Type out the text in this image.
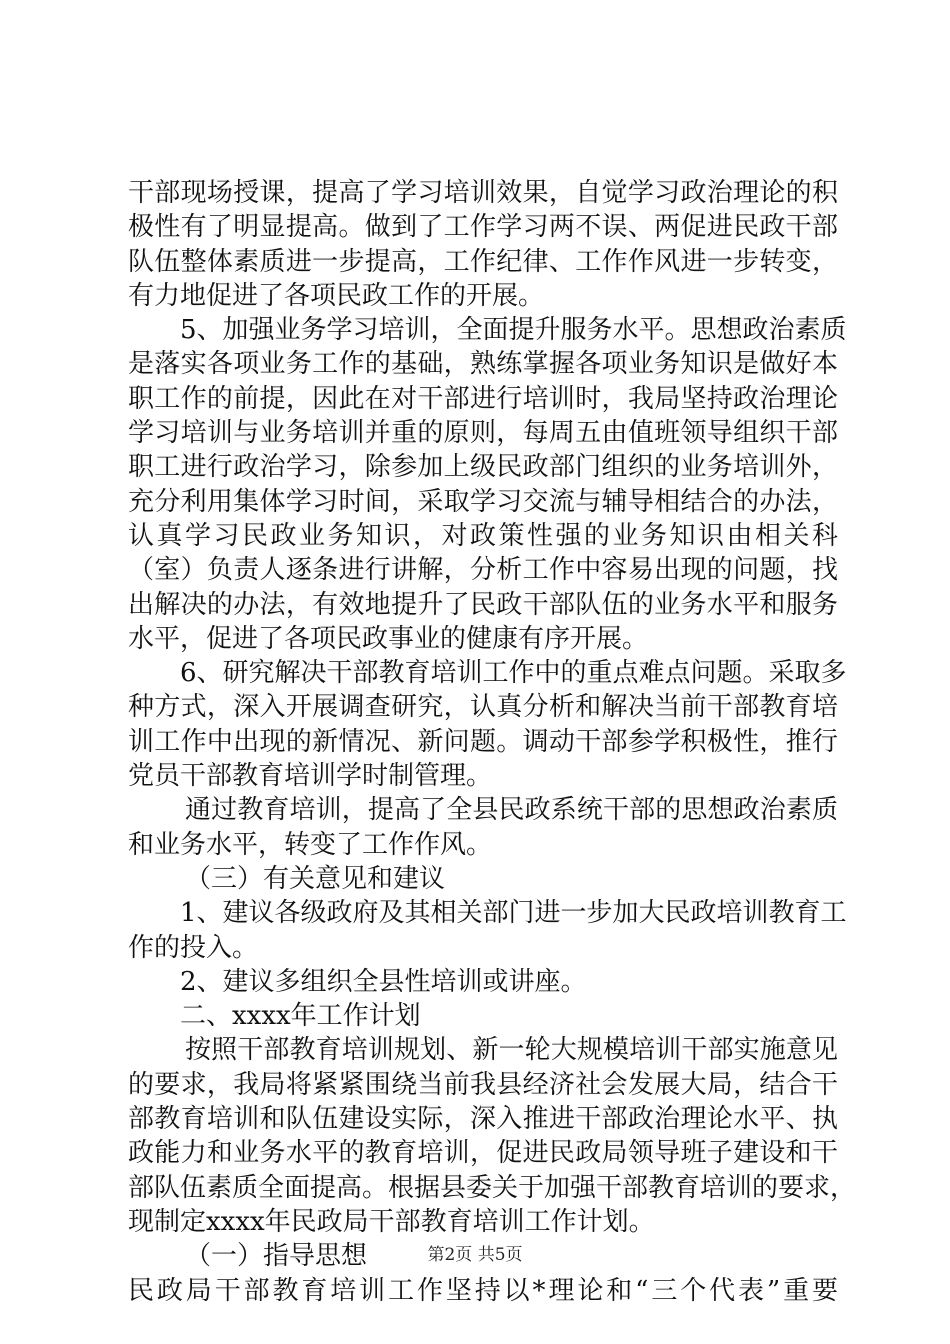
干部现场授课，提高了学习培训效果，自觉学习政治理论的积
极性有了明显提高。做到了工作学习两不误、两促进民政干部
队伍整体素质进一步提高，工作纪律、工作作风进一步转变，
有力地促进了各项民政工作的开展。
5、加强业务学习培训，全面提升服务水平。思想政治素质
是落实各项业务工作的基础，熟练掌握各项业务知识是做好本
职工作的前提，因此在对干部进行培训时，我局坚持政治理论
学习培训与业务培训并重的原则，每周五由值班领导组织干部
职工进行政治学习，除参加上级民政部门组织的业务培训外，
充分利用集体学习时间，采取学习交流与辅导相结合的办法，
认真学习民政业务知识，对政策性强的业务知识由相关科
（室）负责人逐条进行讲解，分析工作中容易出现的问题，找
出解决的办法，有效地提升了民政干部队伍的业务水平和服务
水平，促进了各项民政事业的健康有序开展。
6、研究解决干部教育培训工作中的重点难点问题。采取多
种方式，深入开展调查研究，认真分析和解决当前干部教育培
训工作中出现的新情况、新问题。调动干部参学积极性，推行
党员干部教育培训学时制管理。
通过教育培训，提高了全县民政系统干部的思想政治素质
和业务水平，转变了工作作风。
（三）有关意见和建议
1、建议各级政府及其相关部门进一步加大民政培训教育工
作的投入。
2、建议多组织全县性培训或讲座。
二、xxxx年工作计划
按照干部教育培训规划、新一轮大规模培训干部实施意见
的要求，我局将紧紧围绕当前我县经济社会发展大局，结合干
部教育培训和队伍建设实际，深入推进干部政治理论水平、执
政能力和业务水平的教育培训，促进民政局领导班子建设和干
部队伍素质全面提高。根据县委关于加强干部教育培训的要求，
现制定xxxx年民政局干部教育培训工作计划。
（一）指导思想
民政局干部教育培训工作坚持以*理论和“三个代表”重要
第2页 共5页
